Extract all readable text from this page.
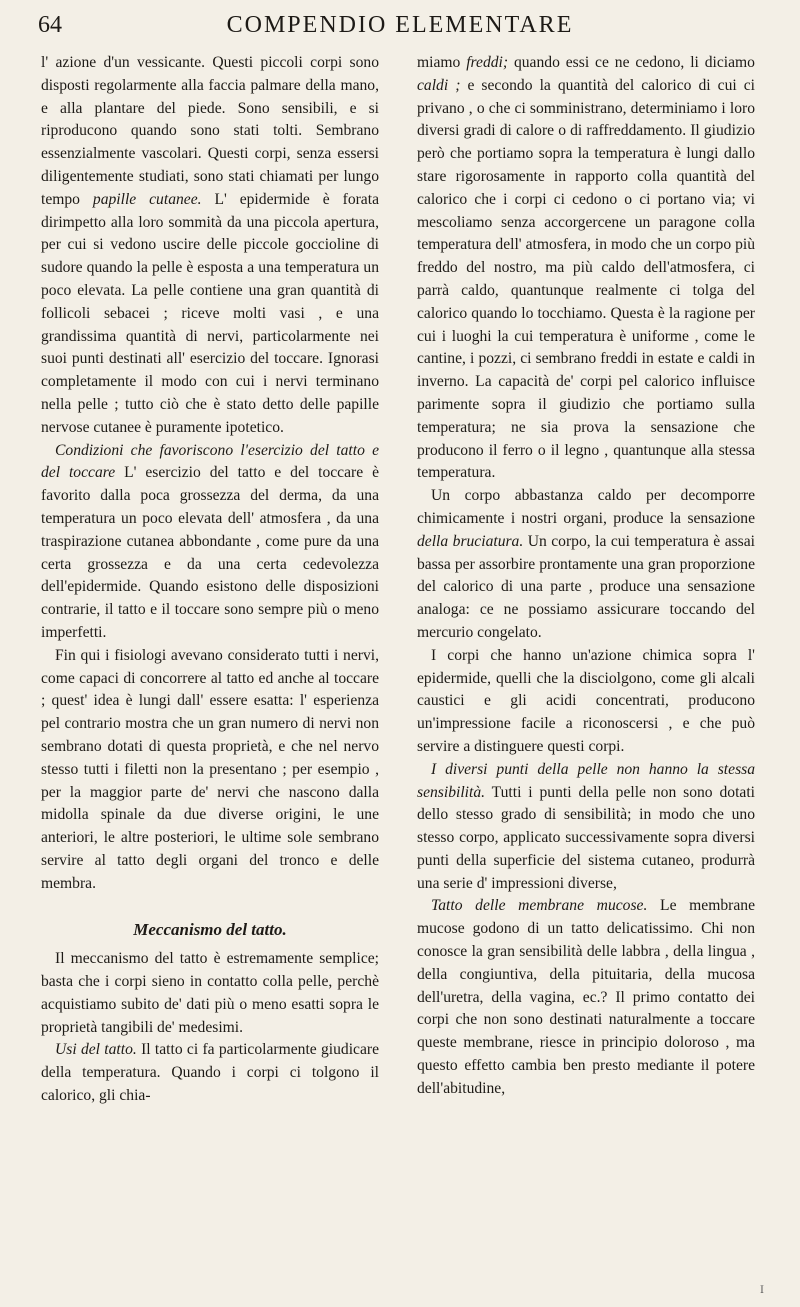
64	COMPENDIO ELEMENTARE

l' azione d'un vessicante. Questi piccoli corpi sono disposti regolarmente alla faccia palmare della mano, e alla plantare del piede. Sono sensibili, e si riproducono quando sono stati tolti. Sembrano essenzialmente vascolari. Questi corpi, senza essersi diligentemente studiati, sono stati chiamati per lungo tempo papille cutanee. L' epidermide è forata dirimpetto alla loro sommità da una piccola apertura, per cui si vedono uscire delle piccole goccioline di sudore quando la pelle è esposta a una temperatura un poco elevata. La pelle contiene una gran quantità di follicoli sebacei ; riceve molti vasi , e una grandissima quantità di nervi, particolarmente nei suoi punti destinati all' esercizio del toccare. Ignorasi completamente il modo con cui i nervi terminano nella pelle ; tutto ciò che è stato detto delle papille nervose cutanee è puramente ipotetico.

Condizioni che favoriscono l'esercizio del tatto e del toccare L' esercizio del tatto e del toccare è favorito dalla poca grossezza del derma, da una temperatura un poco elevata dell' atmosfera , da una traspirazione cutanea abbondante , come pure da una certa grossezza e da una certa cedevolezza dell'epidermide. Quando esistono delle disposizioni contrarie, il tatto e il toccare sono sempre più o meno imperfetti.

Fin qui i fisiologi avevano considerato tutti i nervi, come capaci di concorrere al tatto ed anche al toccare ; quest' idea è lungi dall' essere esatta: l' esperienza pel contrario mostra che un gran numero di nervi non sembrano dotati di questa proprietà, e che nel nervo stesso tutti i filetti non la presentano ; per esempio , per la maggior parte de' nervi che nascono dalla midolla spinale da due diverse origini, le une anteriori, le altre posteriori, le ultime sole sembrano servire al tatto degli organi del tronco e delle membra.

Meccanismo del tatto.

Il meccanismo del tatto è estremamente semplice; basta che i corpi sieno in contatto colla pelle, perchè acquistiamo subito de' dati più o meno esatti sopra le proprietà tangibili de' medesimi.

Usi del tatto. Il tatto ci fa particolarmente giudicare della temperatura. Quando i corpi ci tolgono il calorico, gli chia-

miamo freddi; quando essi ce ne cedono, li diciamo caldi ; e secondo la quantità del calorico di cui ci privano , o che ci somministrano, determiniamo i loro diversi gradi di calore o di raffreddamento. Il giudizio però che portiamo sopra la temperatura è lungi dallo stare rigorosamente in rapporto colla quantità del calorico che i corpi ci cedono o ci portano via; vi mescoliamo senza accorgercene un paragone colla temperatura dell' atmosfera, in modo che un corpo più freddo del nostro, ma più caldo dell'atmosfera, ci parrà caldo, quantunque realmente ci tolga del calorico quando lo tocchiamo. Questa è la ragione per cui i luoghi la cui temperatura è uniforme , come le cantine, i pozzi, ci sembrano freddi in estate e caldi in inverno. La capacità de' corpi pel calorico influisce parimente sopra il giudizio che portiamo sulla temperatura; ne sia prova la sensazione che producono il ferro o il legno , quantunque alla stessa temperatura.

Un corpo abbastanza caldo per decomporre chimicamente i nostri organi, produce la sensazione della bruciatura. Un corpo, la cui temperatura è assai bassa per assorbire prontamente una gran proporzione del calorico di una parte , produce una sensazione analoga: ce ne possiamo assicurare toccando del mercurio congelato.

I corpi che hanno un'azione chimica sopra l' epidermide, quelli che la disciolgono, come gli alcali caustici e gli acidi concentrati, producono un'impressione facile a riconoscersi , e che può servire a distinguere questi corpi.

I diversi punti della pelle non hanno la stessa sensibilità. Tutti i punti della pelle non sono dotati dello stesso grado di sensibilità; in modo che uno stesso corpo, applicato successivamente sopra diversi punti della superficie del sistema cutaneo, produrrà una serie d' impressioni diverse,

Tatto delle membrane mucose. Le membrane mucose godono di un tatto delicatissimo. Chi non conosce la gran sensibilità delle labbra , della lingua , della congiuntiva, della pituitaria, della mucosa dell'uretra, della vagina, ec.? Il primo contatto dei corpi che non sono destinati naturalmente a toccare queste membrane, riesce in principio doloroso , ma questo effetto cambia ben presto mediante il potere dell'abitudine,

I
